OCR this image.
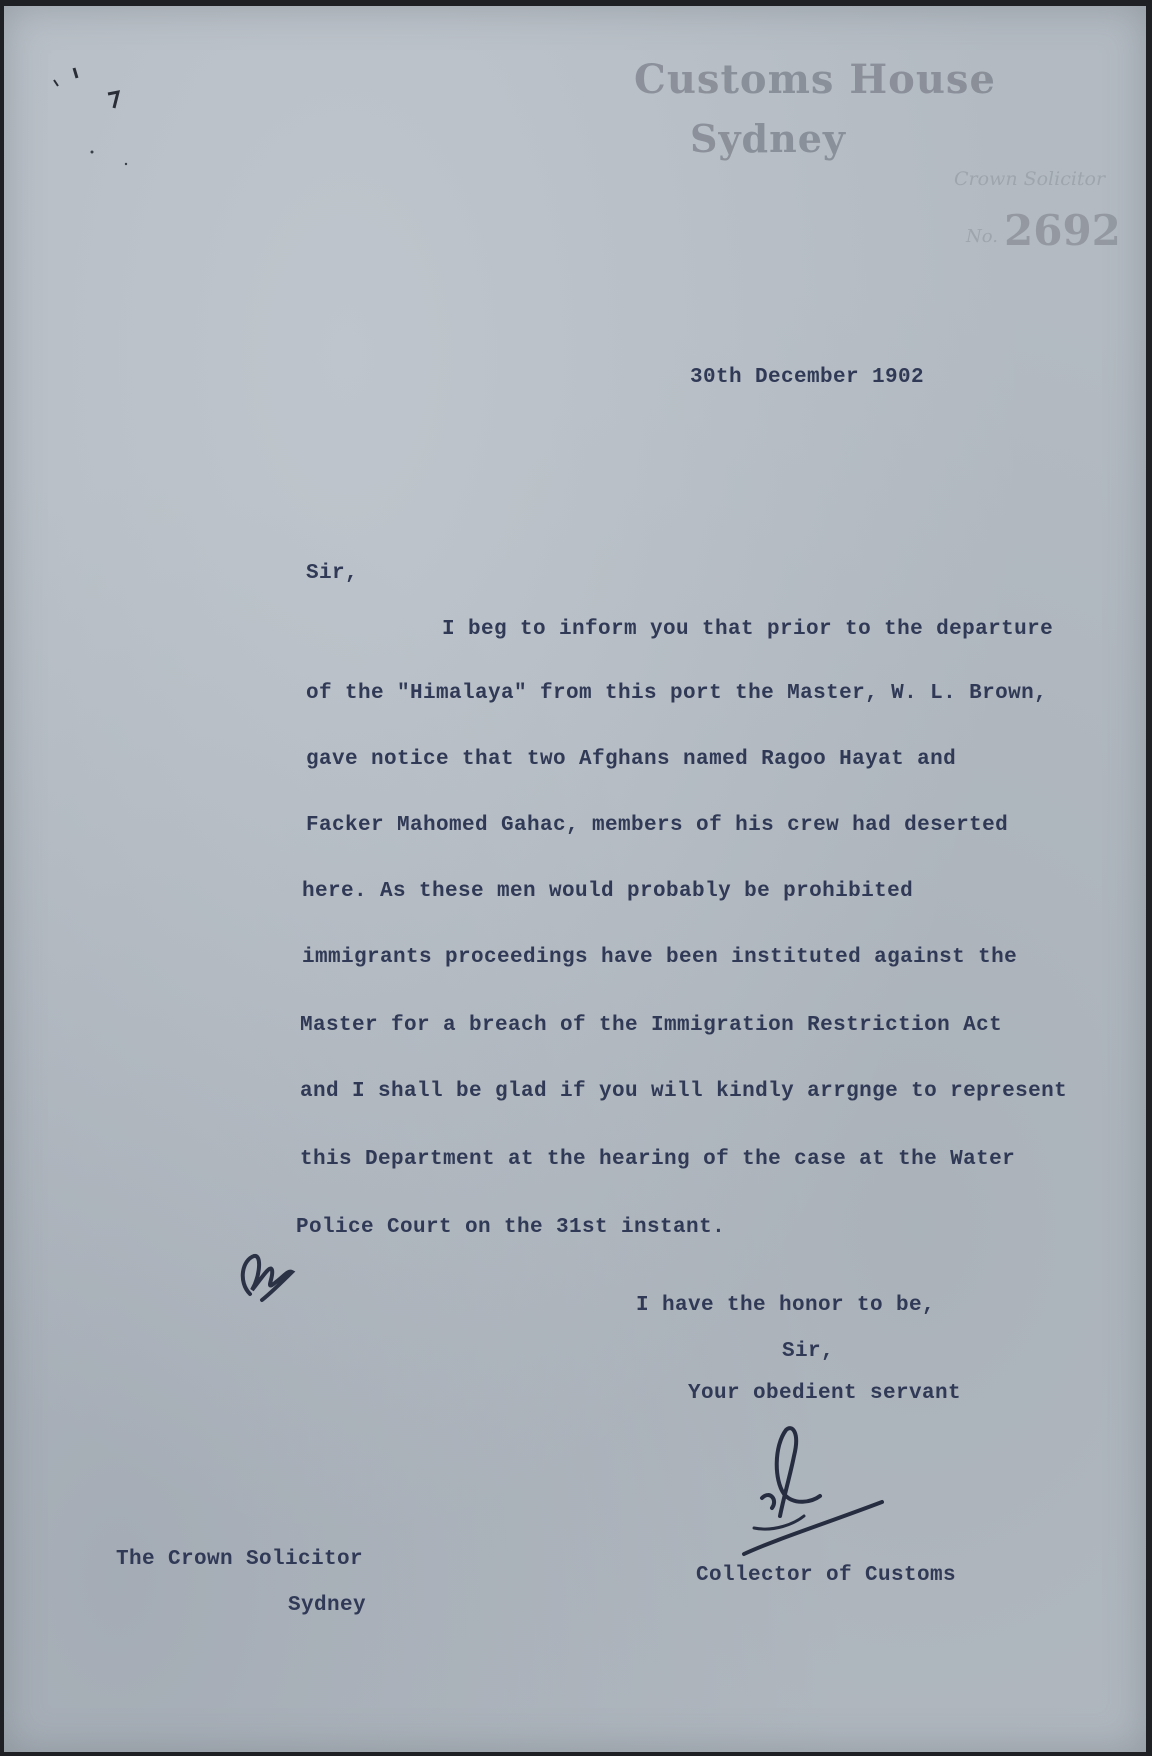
Customs House
Sydney
Crown Solicitor
No. 2692
30th December 1902
Sir,
I beg to inform you that prior to the departure
of the "Himalaya" from this port the Master, W. L. Brown,
gave notice that two Afghans named Ragoo Hayat and
Facker Mahomed Gahac, members of his crew had deserted
here. As these men would probably be prohibited
immigrants proceedings have been instituted against the
Master for a breach of the Immigration Restriction Act
and I shall be glad if you will kindly arrgnge to represent
this Department at the hearing of the case at the Water
Police Court on the 31st instant.
I have the honor to be,
Sir,
Your obedient servant
The Crown Solicitor
Sydney
Collector of Customs
